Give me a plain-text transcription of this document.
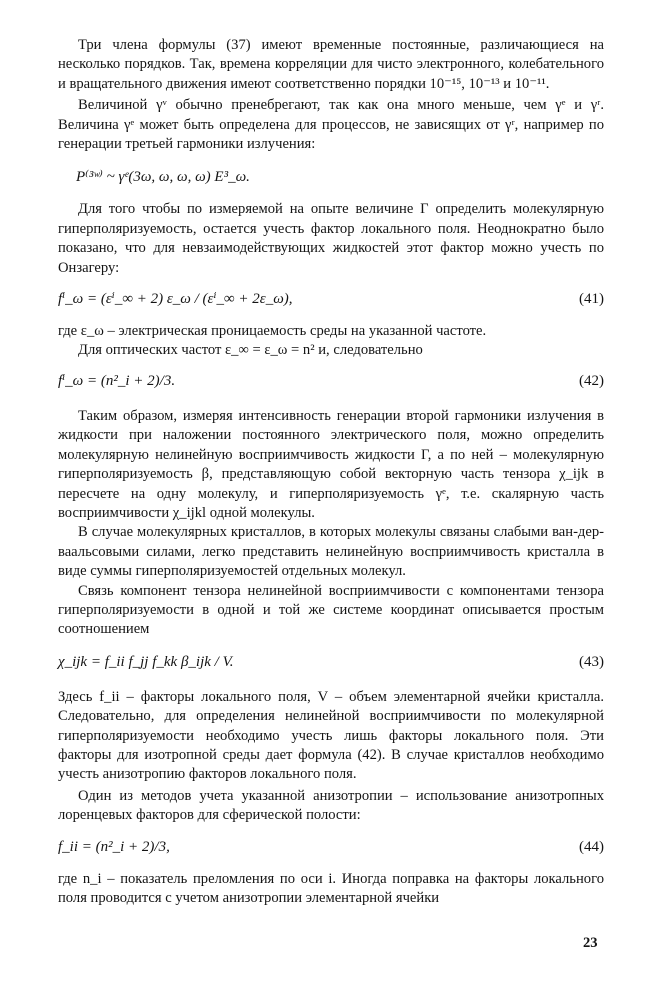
Три члена формулы (37) имеют временные постоянные, различающиеся на несколько порядков. Так, времена корреляции для чисто электронного, колебательного и вращательного движения имеют соответственно порядки 10⁻¹⁵, 10⁻¹³ и 10⁻¹¹.

Величиной γᵛ обычно пренебрегают, так как она много меньше, чем γᵉ и γʳ. Величина γᵉ может быть определена для процессов, не зависящих от γʳ, например по генерации третьей гармоники излучения:

P⁽³ʷ⁾ ~ γᵉ(3ω, ω, ω, ω) E³_ω.

Для того чтобы по измеряемой на опыте величине Γ определить молекулярную гиперполяризуемость, остается учесть фактор локального поля. Неоднократно было показано, что для невзаимодействующих жидкостей этот фактор можно учесть по Онзагеру:

fⁱ_ω = (εⁱ_∞ + 2) ε_ω / (εⁱ_∞ + 2ε_ω),	(41)

где ε_ω – электрическая проницаемость среды на указанной частоте.

Для оптических частот ε_∞ = ε_ω = n² и, следовательно

fⁱ_ω = (n²_i + 2)/3.	(42)

Таким образом, измеряя интенсивность генерации второй гармоники излучения в жидкости при наложении постоянного электрического поля, можно определить молекулярную нелинейную восприимчивость жидкости Γ, а по ней – молекулярную гиперполяризуемость β, представляющую собой векторную часть тензора χ_ijk в пересчете на одну молекулу, и гиперполяризуемость γᵉ, т.е. скалярную часть восприимчивости χ_ijkl одной молекулы.

В случае молекулярных кристаллов, в которых молекулы связаны слабыми ван-дер-ваальсовыми силами, легко представить нелинейную восприимчивость кристалла в виде суммы гиперполяризуемостей отдельных молекул.

Связь компонент тензора нелинейной восприимчивости с компонентами тензора гиперполяризуемости в одной и той же системе координат описывается простым соотношением

χ_ijk = f_ii f_jj f_kk β_ijk / V.	(43)

Здесь f_ii – факторы локального поля, V – объем элементарной ячейки кристалла. Следовательно, для определения нелинейной восприимчивости по молекулярной гиперполяризуемости необходимо учесть лишь факторы локального поля. Эти факторы для изотропной среды дает формула (42). В случае кристаллов необходимо учесть анизотропию факторов локального поля.

Один из методов учета указанной анизотропии – использование анизотропных лоренцевых факторов для сферической полости:

f_ii = (n²_i + 2)/3,	(44)

где n_i – показатель преломления по оси i. Иногда поправка на факторы локального поля проводится с учетом анизотропии элементарной ячейки

23
